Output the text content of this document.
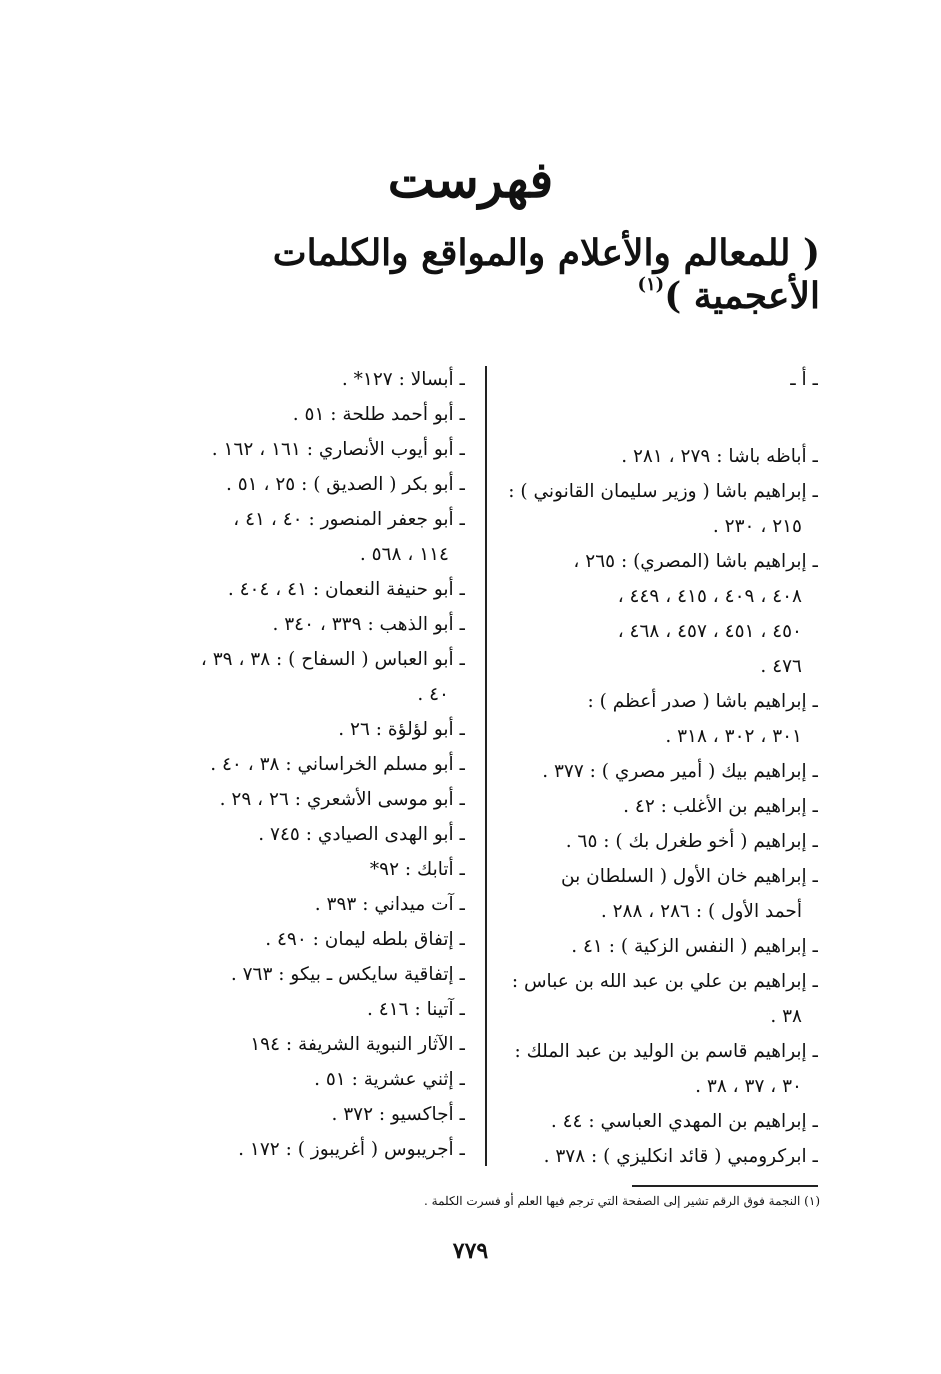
فهرست
( للمعالم والأعلام والمواقع والكلمات الأعجمية )$^{(١)}$
ـ أ ـ
ـ أباظه باشا : ٢٧٩ ، ٢٨١ .
ـ إبراهيم باشا ( وزير سليمان القانوني ) :
٢١٥ ، ٢٣٠ .
ـ إبراهيم باشا (المصري) : ٢٦٥ ،
٤٠٨ ، ٤٠٩ ، ٤١٥ ، ٤٤٩ ،
٤٥٠ ، ٤٥١ ، ٤٥٧ ، ٤٦٨ ،
٤٧٦ .
ـ إبراهيم باشا ( صدر أعظم ) :
٣٠١ ، ٣٠٢ ، ٣١٨ .
ـ إبراهيم بيك ( أمير مصري ) : ٣٧٧ .
ـ إبراهيم بن الأغلب : ٤٢ .
ـ إبراهيم ( أخو طغرل بك ) : ٦٥ .
ـ إبراهيم خان الأول ( السلطان بن
أحمد الأول ) : ٢٨٦ ، ٢٨٨ .
ـ إبراهيم ( النفس الزكية ) : ٤١ .
ـ إبراهيم بن علي بن عبد الله بن عباس :
٣٨ .
ـ إبراهيم قاسم بن الوليد بن عبد الملك :
٣٠ ، ٣٧ ، ٣٨ .
ـ إبراهيم بن المهدي العباسي : ٤٤ .
ـ ابركرومبي ( قائد انكليزي ) : ٣٧٨ .
ـ أبسالا : ١٢٧* .
ـ أبو أحمد طلحة : ٥١ .
ـ أبو أيوب الأنصاري : ١٦١ ، ١٦٢ .
ـ أبو بكر ( الصديق ) : ٢٥ ، ٥١ .
ـ أبو جعفر المنصور : ٤٠ ، ٤١ ،
١١٤ ، ٥٦٨ .
ـ أبو حنيفة النعمان : ٤١ ، ٤٠٤ .
ـ أبو الذهب : ٣٣٩ ، ٣٤٠ .
ـ أبو العباس ( السفاح ) : ٣٨ ، ٣٩ ،
٤٠ .
ـ أبو لؤلؤة : ٢٦ .
ـ أبو مسلم الخراساني : ٣٨ ، ٤٠ .
ـ أبو موسى الأشعري : ٢٦ ، ٢٩ .
ـ أبو الهدى الصيادي : ٧٤٥ .
ـ أتابك : ٩٢*
ـ آت ميداني : ٣٩٣ .
ـ إتفاق بلطه ليمان : ٤٩٠ .
ـ إتفاقية سايكس ـ بيكو : ٧٦٣ .
ـ آتينا : ٤١٦ .
ـ الآثار النبوية الشريفة : ١٩٤
ـ إثني عشرية : ٥١ .
ـ أجاكسيو : ٣٧٢ .
ـ أجريبوس ( أغريبوز ) : ١٧٢ .
(١) النجمة فوق الرقم تشير إلى الصفحة التي ترجم فيها العلم أو فسرت الكلمة .
٧٧٩
